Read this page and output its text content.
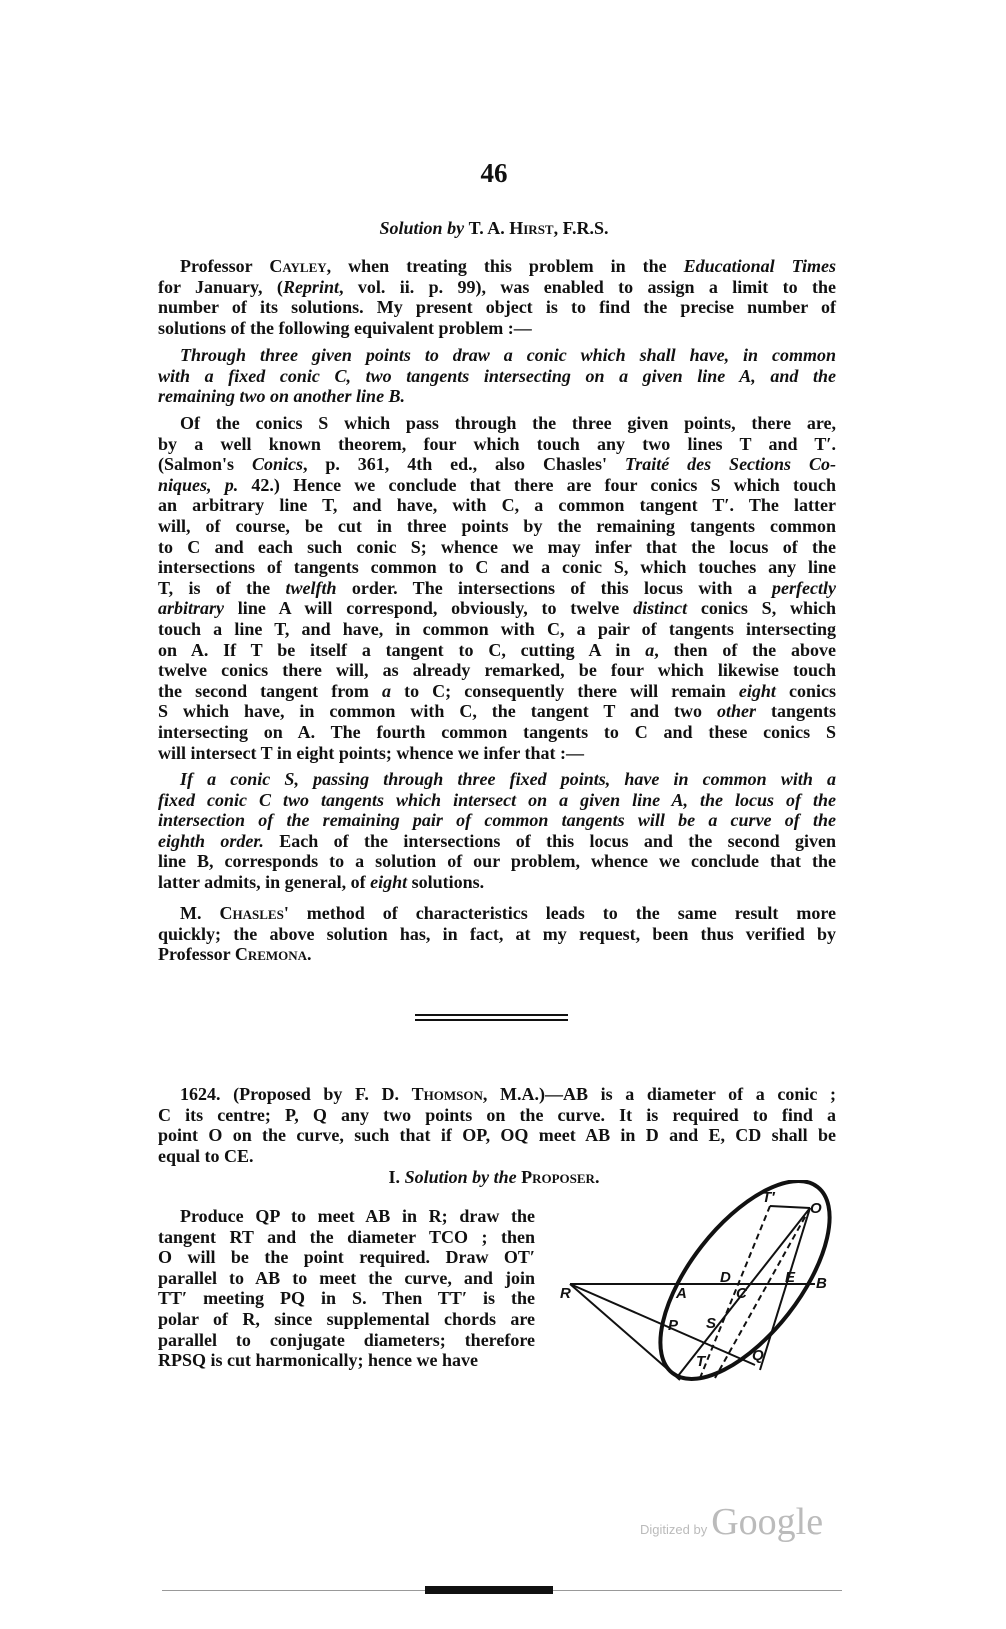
46
Solution by T. A. Hirst, F.R.S.
Professor Cayley, when treating this problem in the Educational Times
for January, (Reprint, vol. ii. p. 99), was enabled to assign a limit to the
number of its solutions. My present object is to find the precise number of
solutions of the following equivalent problem :—
Through three given points to draw a conic which shall have, in common
with a fixed conic C, two tangents intersecting on a given line A, and the
remaining two on another line B.
Of the conics S which pass through the three given points, there are,
by a well known theorem, four which touch any two lines T and T′.
(Salmon's Conics, p. 361, 4th ed., also Chasles' Traité des Sections Co-
niques, p. 42.) Hence we conclude that there are four conics S which touch
an arbitrary line T, and have, with C, a common tangent T′. The latter
will, of course, be cut in three points by the remaining tangents common
to C and each such conic S; whence we may infer that the locus of the
intersections of tangents common to C and a conic S, which touches any line
T, is of the twelfth order. The intersections of this locus with a perfectly
arbitrary line A will correspond, obviously, to twelve distinct conics S, which
touch a line T, and have, in common with C, a pair of tangents intersecting
on A. If T be itself a tangent to C, cutting A in a, then of the above
twelve conics there will, as already remarked, be four which likewise touch
the second tangent from a to C; consequently there will remain eight conics
S which have, in common with C, the tangent T and two other tangents
intersecting on A. The fourth common tangents to C and these conics S
will intersect T in eight points; whence we infer that :—
If a conic S, passing through three fixed points, have in common with a
fixed conic C two tangents which intersect on a given line A, the locus of the
intersection of the remaining pair of common tangents will be a curve of the
eighth order. Each of the intersections of this locus and the second given
line B, corresponds to a solution of our problem, whence we conclude that the
latter admits, in general, of eight solutions.
M. Chasles' method of characteristics leads to the same result more
quickly; the above solution has, in fact, at my request, been thus verified by
Professor Cremona.
1624. (Proposed by F. D. Thomson, M.A.)—AB is a diameter of a conic ;
C its centre; P, Q any two points on the curve. It is required to find a
point O on the curve, such that if OP, OQ meet AB in D and E, CD shall be
equal to CE.
I. Solution by the Proposer.
Produce QP to meet AB in R; draw the
tangent RT and the diameter TCO ; then
O will be the point required. Draw OT′
parallel to AB to meet the curve, and join
TT′ meeting PQ in S. Then TT′ is the
polar of R, since supplemental chords are
parallel to conjugate diameters; therefore
RPSQ is cut harmonically; hence we have
T′
O
D	E B
R	A	C
S
P
T	Q
Digitized by Google
